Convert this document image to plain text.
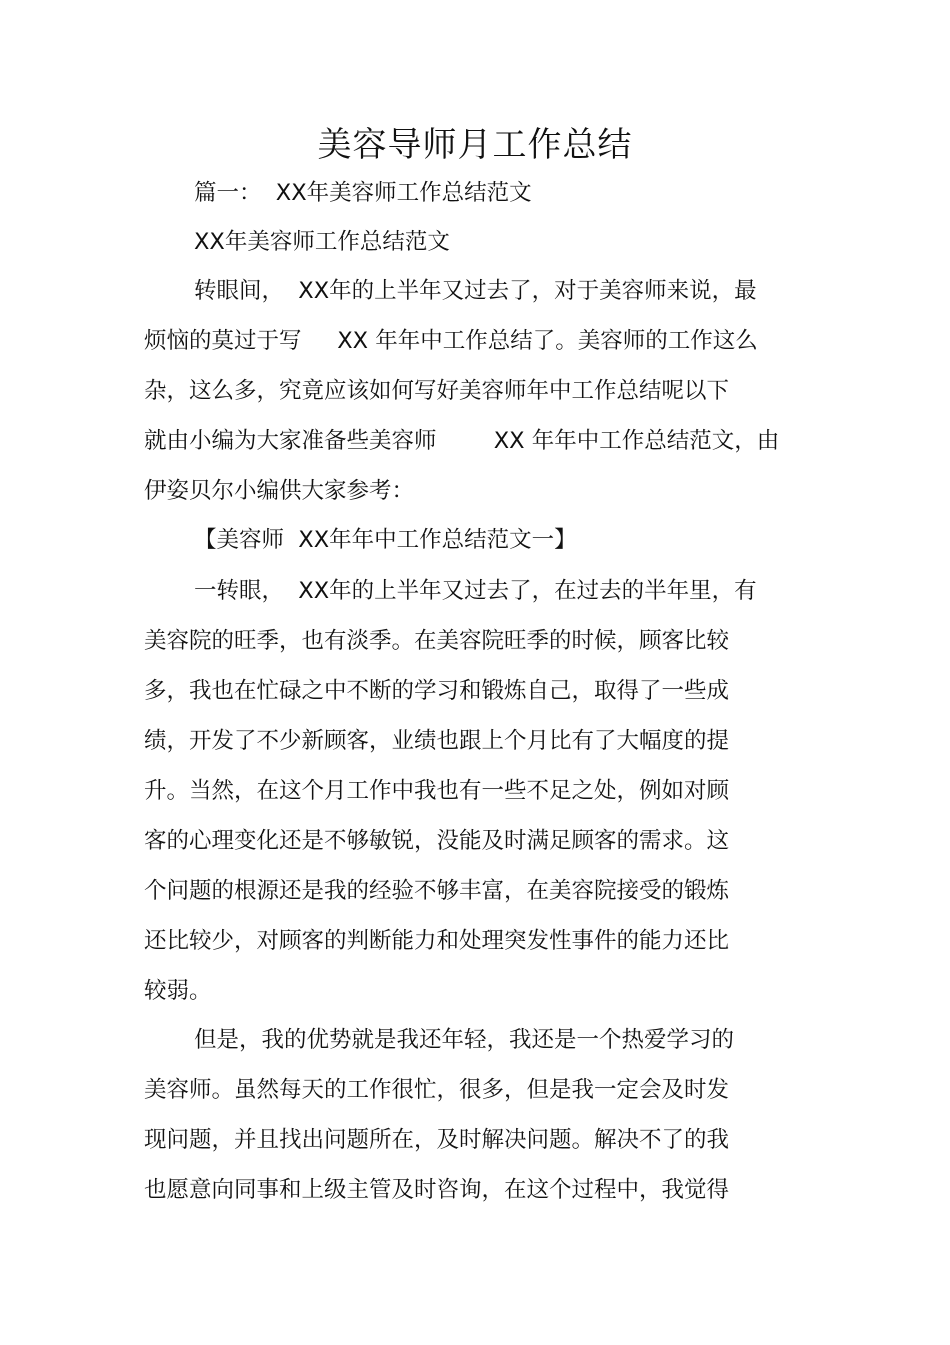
美容导师月工作总结
篇一：  XX年美容师工作总结范文
XX年美容师工作总结范文
转眼间，  XX年的上半年又过去了，对于美容师来说，最
烦恼的莫过于写     XX 年年中工作总结了。美容师的工作这么
杂，这么多，究竟应该如何写好美容师年中工作总结呢以下
就由小编为大家准备些美容师        XX 年年中工作总结范文，由
伊姿贝尔小编供大家参考：
【美容师  XX年年中工作总结范文一】
一转眼，  XX年的上半年又过去了，在过去的半年里，有
美容院的旺季，也有淡季。在美容院旺季的时候，顾客比较
多，我也在忙碌之中不断的学习和锻炼自己，取得了一些成
绩，开发了不少新顾客，业绩也跟上个月比有了大幅度的提
升。当然，在这个月工作中我也有一些不足之处，例如对顾
客的心理变化还是不够敏锐，没能及时满足顾客的需求。这
个问题的根源还是我的经验不够丰富，在美容院接受的锻炼
还比较少，对顾客的判断能力和处理突发性事件的能力还比
较弱。
但是，我的优势就是我还年轻，我还是一个热爱学习的
美容师。虽然每天的工作很忙，很多，但是我一定会及时发
现问题，并且找出问题所在，及时解决问题。解决不了的我
也愿意向同事和上级主管及时咨询，在这个过程中，我觉得
